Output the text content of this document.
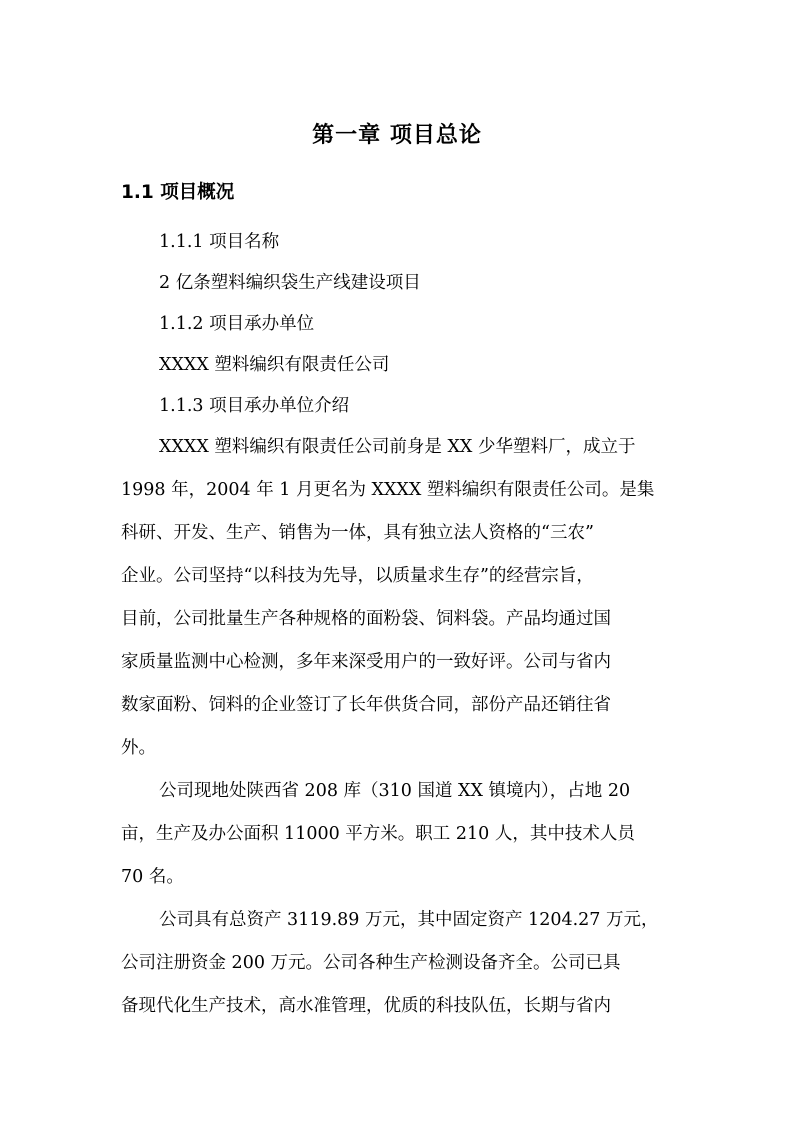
第一章 项目总论
1.1 项目概况
1.1.1 项目名称
2 亿条塑料编织袋生产线建设项目
1.1.2 项目承办单位
XXXX 塑料编织有限责任公司
1.1.3 项目承办单位介绍
XXXX 塑料编织有限责任公司前身是 XX 少华塑料厂，成立于
1998 年，2004 年 1 月更名为 XXXX 塑料编织有限责任公司。是集
科研、开发、生产、销售为一体，具有独立法人资格的“三农”
企业。公司坚持“以科技为先导，以质量求生存”的经营宗旨，
目前，公司批量生产各种规格的面粉袋、饲料袋。产品均通过国
家质量监测中心检测，多年来深受用户的一致好评。公司与省内
数家面粉、饲料的企业签订了长年供货合同，部份产品还销往省
外。
公司现地处陕西省 208 库（310 国道 XX 镇境内），占地 20
亩，生产及办公面积 11000 平方米。职工 210 人，其中技术人员
70 名。
公司具有总资产 3119.89 万元，其中固定资产 1204.27 万元，
公司注册资金 200 万元。公司各种生产检测设备齐全。公司已具
备现代化生产技术，高水准管理，优质的科技队伍，长期与省内
